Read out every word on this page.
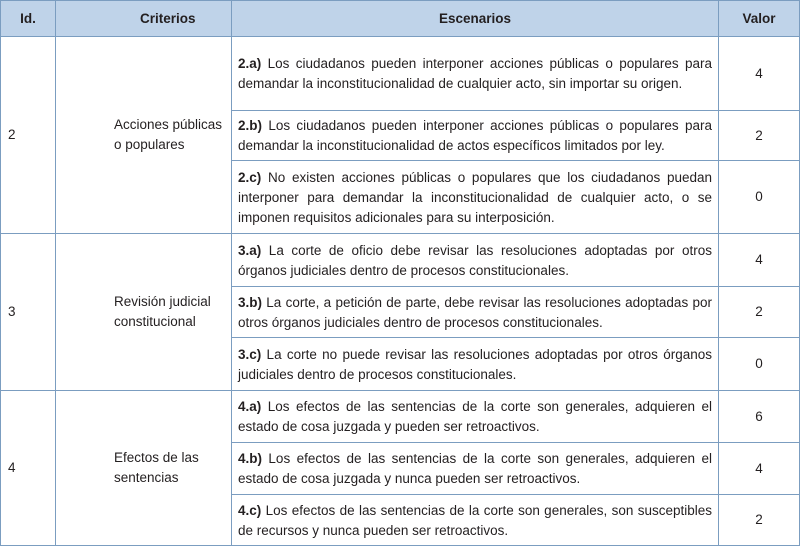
Id.	Criterios	Escenarios	Valor
2	Acciones públicas o populares	2.a) Los ciudadanos pueden interponer acciones públicas o populares para demandar la inconstitucionalidad de cualquier acto, sin importar su origen.	4
		2.b) Los ciudadanos pueden interponer acciones públicas o populares para demandar la inconstitucionalidad de actos específicos limitados por ley.	2
		2.c) No existen acciones públicas o populares que los ciudadanos puedan interponer para demandar la inconstitucionalidad de cualquier acto, o se imponen requisitos adicionales para su interposición.	0
3	Revisión judicial constitucional	3.a) La corte de oficio debe revisar las resoluciones adoptadas por otros órganos judiciales dentro de procesos constitucionales.	4
		3.b) La corte, a petición de parte, debe revisar las resoluciones adoptadas por otros órganos judiciales dentro de procesos constitucionales.	2
		3.c) La corte no puede revisar las resoluciones adoptadas por otros órganos judiciales dentro de procesos constitucionales.	0
4	Efectos de las sentencias	4.a) Los efectos de las sentencias de la corte son generales, adquieren el estado de cosa juzgada y pueden ser retroactivos.	6
		4.b) Los efectos de las sentencias de la corte son generales, adquieren el estado de cosa juzgada y nunca pueden ser retroactivos.	4
		4.c) Los efectos de las sentencias de la corte son generales, son susceptibles de recursos y nunca pueden ser retroactivos.	2
